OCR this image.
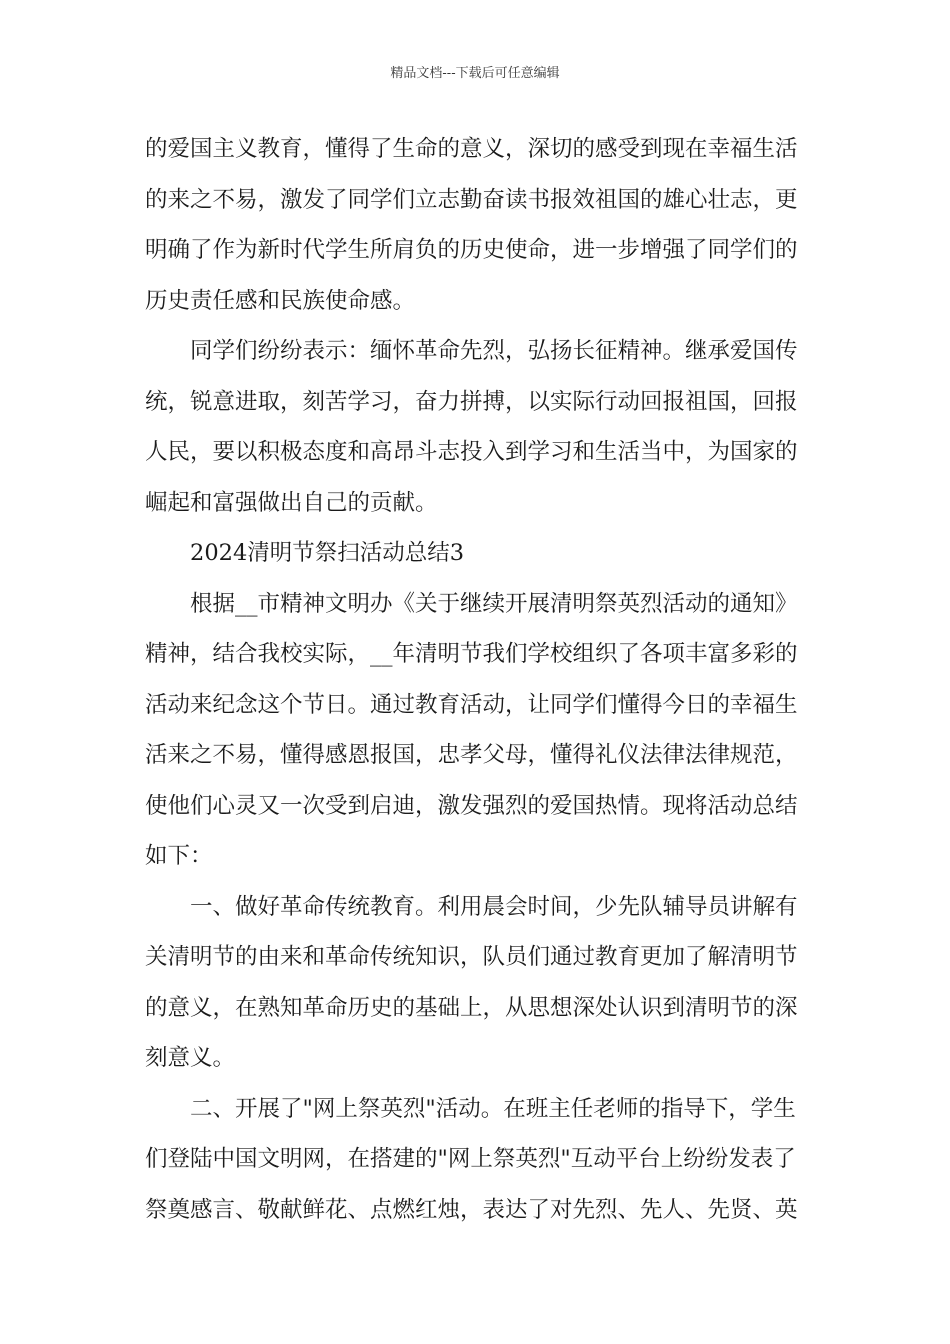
精品文档---下载后可任意编辑
的爱国主义教育，懂得了生命的意义，深切的感受到现在幸福生活
的来之不易，激发了同学们立志勤奋读书报效祖国的雄心壮志，更
明确了作为新时代学生所肩负的历史使命，进一步增强了同学们的
历史责任感和民族使命感。
同学们纷纷表示：缅怀革命先烈，弘扬长征精神。继承爱国传
统，锐意进取，刻苦学习，奋力拼搏，以实际行动回报祖国，回报
人民，要以积极态度和高昂斗志投入到学习和生活当中，为国家的
崛起和富强做出自己的贡献。
2024清明节祭扫活动总结3
根据__市精神文明办《关于继续开展清明祭英烈活动的通知》
精神，结合我校实际，__年清明节我们学校组织了各项丰富多彩的
活动来纪念这个节日。通过教育活动，让同学们懂得今日的幸福生
活来之不易，懂得感恩报国，忠孝父母，懂得礼仪法律法律规范，
使他们心灵又一次受到启迪，激发强烈的爱国热情。现将活动总结
如下：
一、做好革命传统教育。利用晨会时间，少先队辅导员讲解有
关清明节的由来和革命传统知识，队员们通过教育更加了解清明节
的意义，在熟知革命历史的基础上，从思想深处认识到清明节的深
刻意义。
二、开展了"网上祭英烈"活动。在班主任老师的指导下，学生
们登陆中国文明网，在搭建的"网上祭英烈"互动平台上纷纷发表了
祭奠感言、敬献鲜花、点燃红烛，表达了对先烈、先人、先贤、英
